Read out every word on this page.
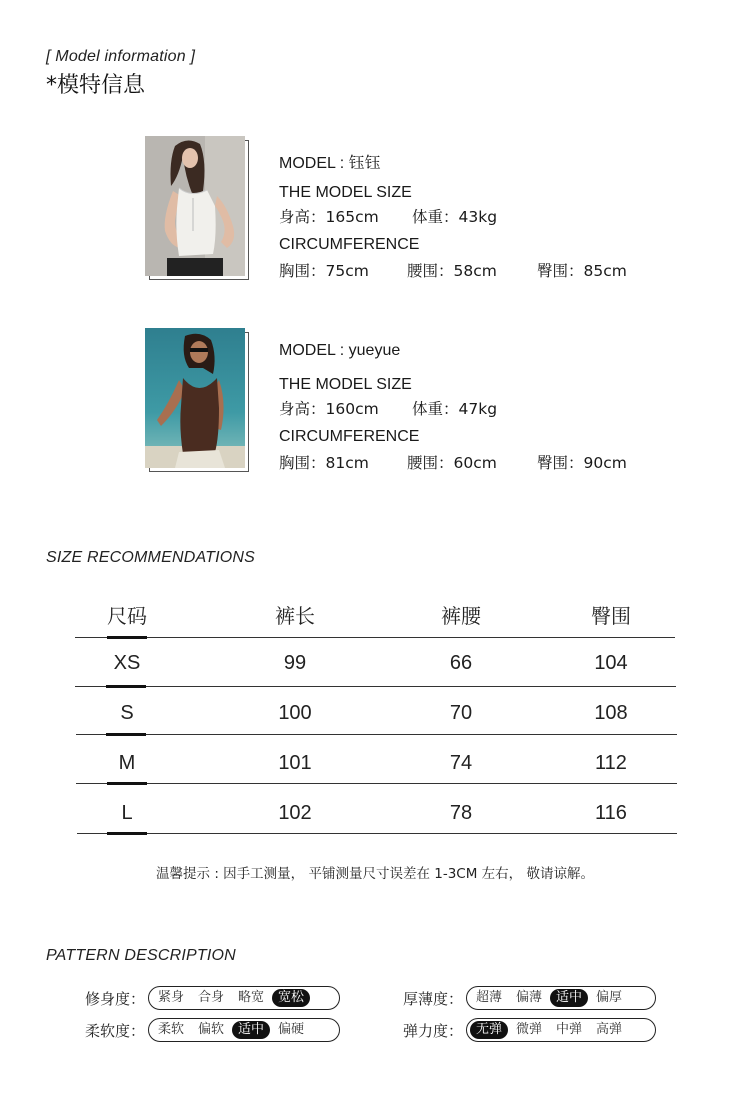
[ Model information ]
*模特信息
MODEL : 钰钰
THE MODEL SIZE
身高：165cm 体重：43kg
CIRCUMFERENCE
胸围：75cm 腰围：58cm	臀围：85cm
MODEL : yueyue
THE MODEL SIZE
身高：160cm 体重：47kg
CIRCUMFERENCE
胸围：81cm 腰围：60cm	臀围：90cm
SIZE RECOMMENDATIONS
尺码	裤长	裤腰	臀围
XS	99	66	104
S	100	70	108
M	101	74	112
L	102	78	116
温馨提示 : 因手工测量， 平铺测量尺寸误差在 1-3CM 左右， 敬请谅解。
PATTERN DESCRIPTION
修身度： 紧身	合身	略宽	宽松	厚薄度： 超薄	偏薄	适中	偏厚
柔软度： 柔软	偏软	适中	偏硬	弹力度： 无弹	微弹	中弹	高弹
